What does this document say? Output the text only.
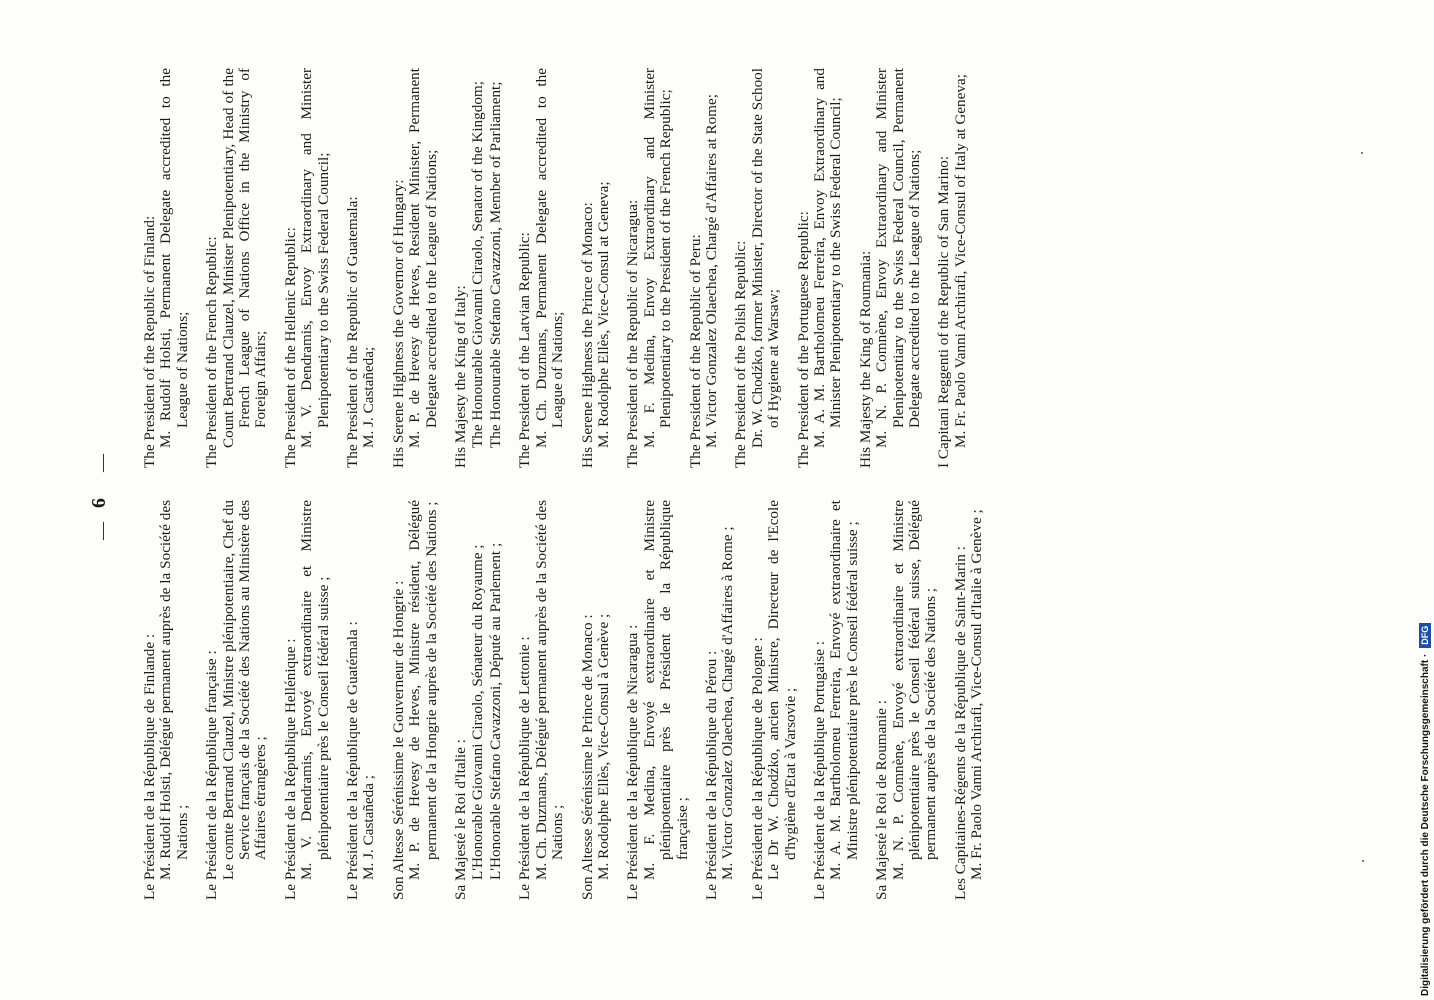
—
6
—
Le Président de la République de Finlande : M. Rudolf Holsti, Délégué permanent auprès de la Société des Nations ; Le Président de la République française : Le comte Bertrand Clauzel, Ministre plénipotentiaire, Chef du Service français de la Société des Nations au Ministère des Affaires étrangères ; Le Président de la République Hellénique : M. V. Dendramis, Envoyé extraordinaire et Ministre plénipotentiaire près le Conseil fédéral suisse ; Le Président de la République de Guatémala : M. J. Castañeda ; Son Altesse Sérénissime le Gouverneur de Hongrie : M. P. de Hevesy de Heves, Ministre résident, Délégué permanent de la Hongrie auprès de la Société des Nations ; Sa Majesté le Roi d'Italie : L'Honorable Giovanni Ciraolo, Sénateur du Royaume ; L'Honorable Stefano Cavazzoni, Député au Parlement ; Le Président de la République de Lettonie : M. Ch. Duzmans, Délégué permanent auprès de la Société des Nations ; Son Altesse Sérénissime le Prince de Monaco : M. Rodolphe Ellès, Vice-Consul à Genève ; Le Président de la République de Nicaragua : M. F. Medina, Envoyé extraordinaire et Ministre plénipotentiaire près le Président de la République française ; Le Président de la République du Pérou : M. Victor Gonzalez Olaechea, Chargé d'Affaires à Rome ; Le Président de la République de Pologne : Le Dr W. Chodźko, ancien Ministre, Directeur de l'Ecole d'hygiène d'Etat à Varsovie ; Le Président de la République Portugaise : M. A. M. Bartholomeu Ferreira, Envoyé extraordinaire et Ministre plénipotentiaire près le Conseil fédéral suisse ; Sa Majesté le Roi de Roumanie : M. N. P. Comnène, Envoyé extraordinaire et Ministre plénipotentiaire près le Conseil fédéral suisse, Délégué permanent auprès de la Société des Nations ; Les Capitaines-Régents de la République de Saint-Marin : M. Fr. Paolo Vanni Archirafi, Vice-Consul d'Italie à Genève ;
The President of the Republic of Finland: M. Rudolf Holsti, Permanent Delegate accredited to the League of Nations; The President of the French Republic: Count Bertrand Clauzel, Minister Plenipotentiary, Head of the French League of Nations Office in the Ministry of Foreign Affairs; The President of the Hellenic Republic: M. V. Dendramis, Envoy Extraordinary and Minister Plenipotentiary to the Swiss Federal Council; The President of the Republic of Guatemala: M. J. Castañeda; His Serene Highness the Governor of Hungary: M. P. de Hevesy de Heves, Resident Minister, Permanent Delegate accredited to the League of Nations; His Majesty the King of Italy: The Honourable Giovanni Ciraolo, Senator of the Kingdom; The Honourable Stefano Cavazzoni, Member of Parliament; The President of the Latvian Republic: M. Ch. Duzmans, Permanent Delegate accredited to the League of Nations; His Serene Highness the Prince of Monaco: M. Rodolphe Ellès, Vice-Consul at Geneva; The President of the Republic of Nicaragua: M. F. Medina, Envoy Extraordinary and Minister Plenipotentiary to the President of the French Republic; The President of the Republic of Peru: M. Victor Gonzalez Olaechea, Chargé d'Affaires at Rome; The President of the Polish Republic: Dr. W. Chodźko, former Minister, Director of the State School of Hygiene at Warsaw; The President of the Portuguese Republic: M. A. M. Bartholomeu Ferreira, Envoy Extraordinary and Minister Plenipotentiary to the Swiss Federal Council; His Majesty the King of Roumania: M. N. P. Comnène, Envoy Extraordinary and Minister Plenipotentiary to the Swiss Federal Council, Permanent Delegate accredited to the League of Nations; I Capitani Reggenti of the Republic of San Marino: M. Fr. Paolo Vanni Archirafi, Vice-Consul of Italy at Geneva;
Digitalisierung gefördert durch die Deutsche Forschungsgemeinschaft ·
DFG
